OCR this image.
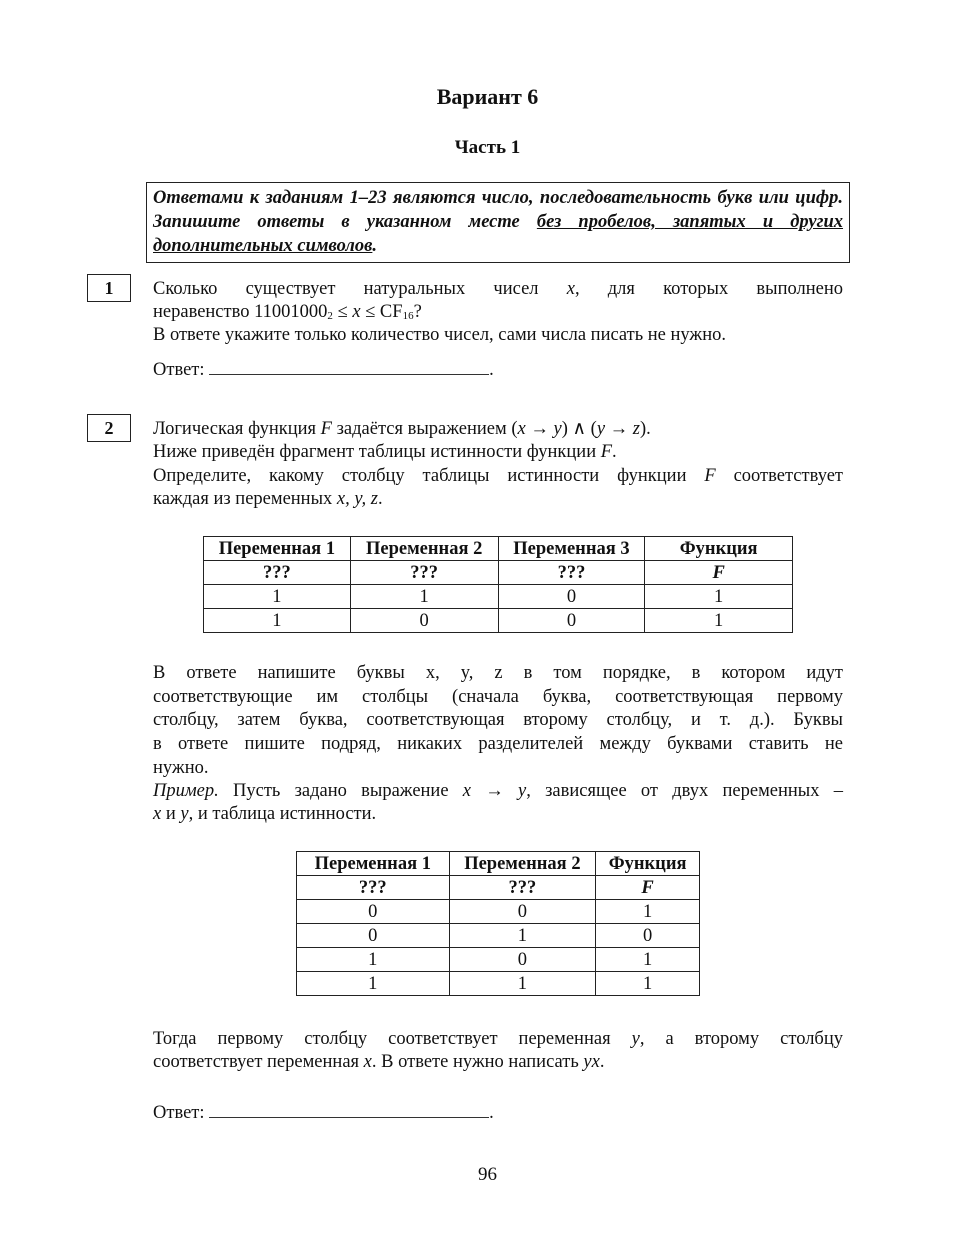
Вариант 6
Часть 1
Ответами к заданиям 1–23 являются число, последовательность букв или цифр. Запишите ответы в указанном месте без пробелов, запятых и других дополнительных символов.
1	Сколько существует натуральных чисел x, для которых выполнено
неравенство $11001000_2 \le x \le CF_{16}$?
В ответе укажите только количество чисел, сами числа писать не нужно.
Ответ:	.
2	Логическая функция F задаётся выражением (x → y) ∧ (y → z).
Ниже приведён фрагмент таблицы истинности функции F.
Определите, какому столбцу таблицы истинности функции F соответствует
каждая из переменных x, y, z.
Переменная 1	Переменная 2	Переменная 3	Функция
???	???	???	F
1	1	0	1
1	0	0	1
В ответе напишите буквы x, y, z в том порядке, в котором идут
соответствующие им столбцы (сначала буква, соответствующая первому
столбцу, затем буква, соответствующая второму столбцу, и т. д.). Буквы
в ответе пишите подряд, никаких разделителей между буквами ставить не
нужно.
Пример. Пусть задано выражение x → y, зависящее от двух переменных –
x и y, и таблица истинности.
Переменная 1	Переменная 2	Функция
???	???	F
0	0	1
0	1	0
1	0	1
1	1	1
Тогда первому столбцу соответствует переменная y, а второму столбцу
соответствует переменная x. В ответе нужно написать yx.
Ответ:	.
96
